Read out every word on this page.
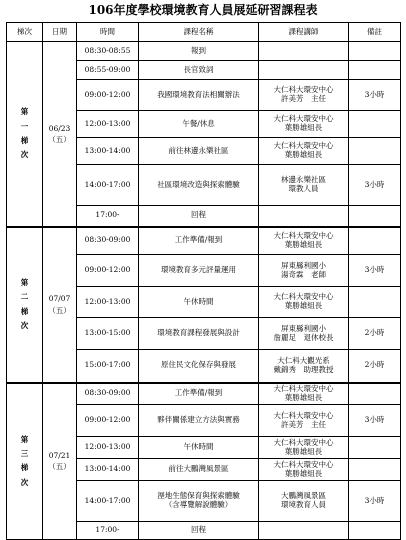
106年度學校環境教育人員展延研習課程表
梯次	日期	時間	課程名稱	課程講師	備註

第
一
梯
次	06/23
（五）	08:30-08:55	報到		

		08:55-09:00	長官致詞		

		09:00-12:00	我國環境教育法相關辦法	大仁科大環安中心
許美芳　主任	3小時
		12:00-13:00	午餐/休息	大仁科大環安中心
葉勝雄組長	

		13:00-14:00	前往林邊永樂社區	大仁科大環安中心
葉勝雄組長	

		14:00-17:00	社區環境改造與探索體驗	林邊永樂社區
環教人員	3小時
		17:00-	回程		

第
二
梯
次	07/07
（五）	08:30-09:00	工作準備/報到	大仁科大環安中心
葉勝雄組長	

		09:00-12:00	環境教育多元評量運用	屏東縣利國小
湯奇霖　老師	3小時
		12:00-13:00	午休時間	大仁科大環安中心
葉勝雄組長	

		13:00-15:00	環境教育課程發展與設計	屏東縣利國小
詹麗足　退休校長	2小時
		15:00-17:00	原住民文化保存與發展	大仁科大觀光系
戴錦秀　助理教授	2小時

第
三
梯
次	07/21
（五）	08:30-09:00	工作準備/報到	大仁科大環安中心
葉勝雄組長	

		09:00-12:00	夥伴關係建立方法與實務	大仁科大環安中心
許美芳　主任	3小時
		12:00-13:00	午休時間	大仁科大環安中心
葉勝雄組長	

		13:00-14:00	前往大鵬灣風景區	大仁科大環安中心
葉勝雄組長	

		14:00-17:00	溼地生態保育與探索體驗
（含導覽解說體驗）	大鵬灣風景區
環境教育人員	3小時
		17:00-	回程		
